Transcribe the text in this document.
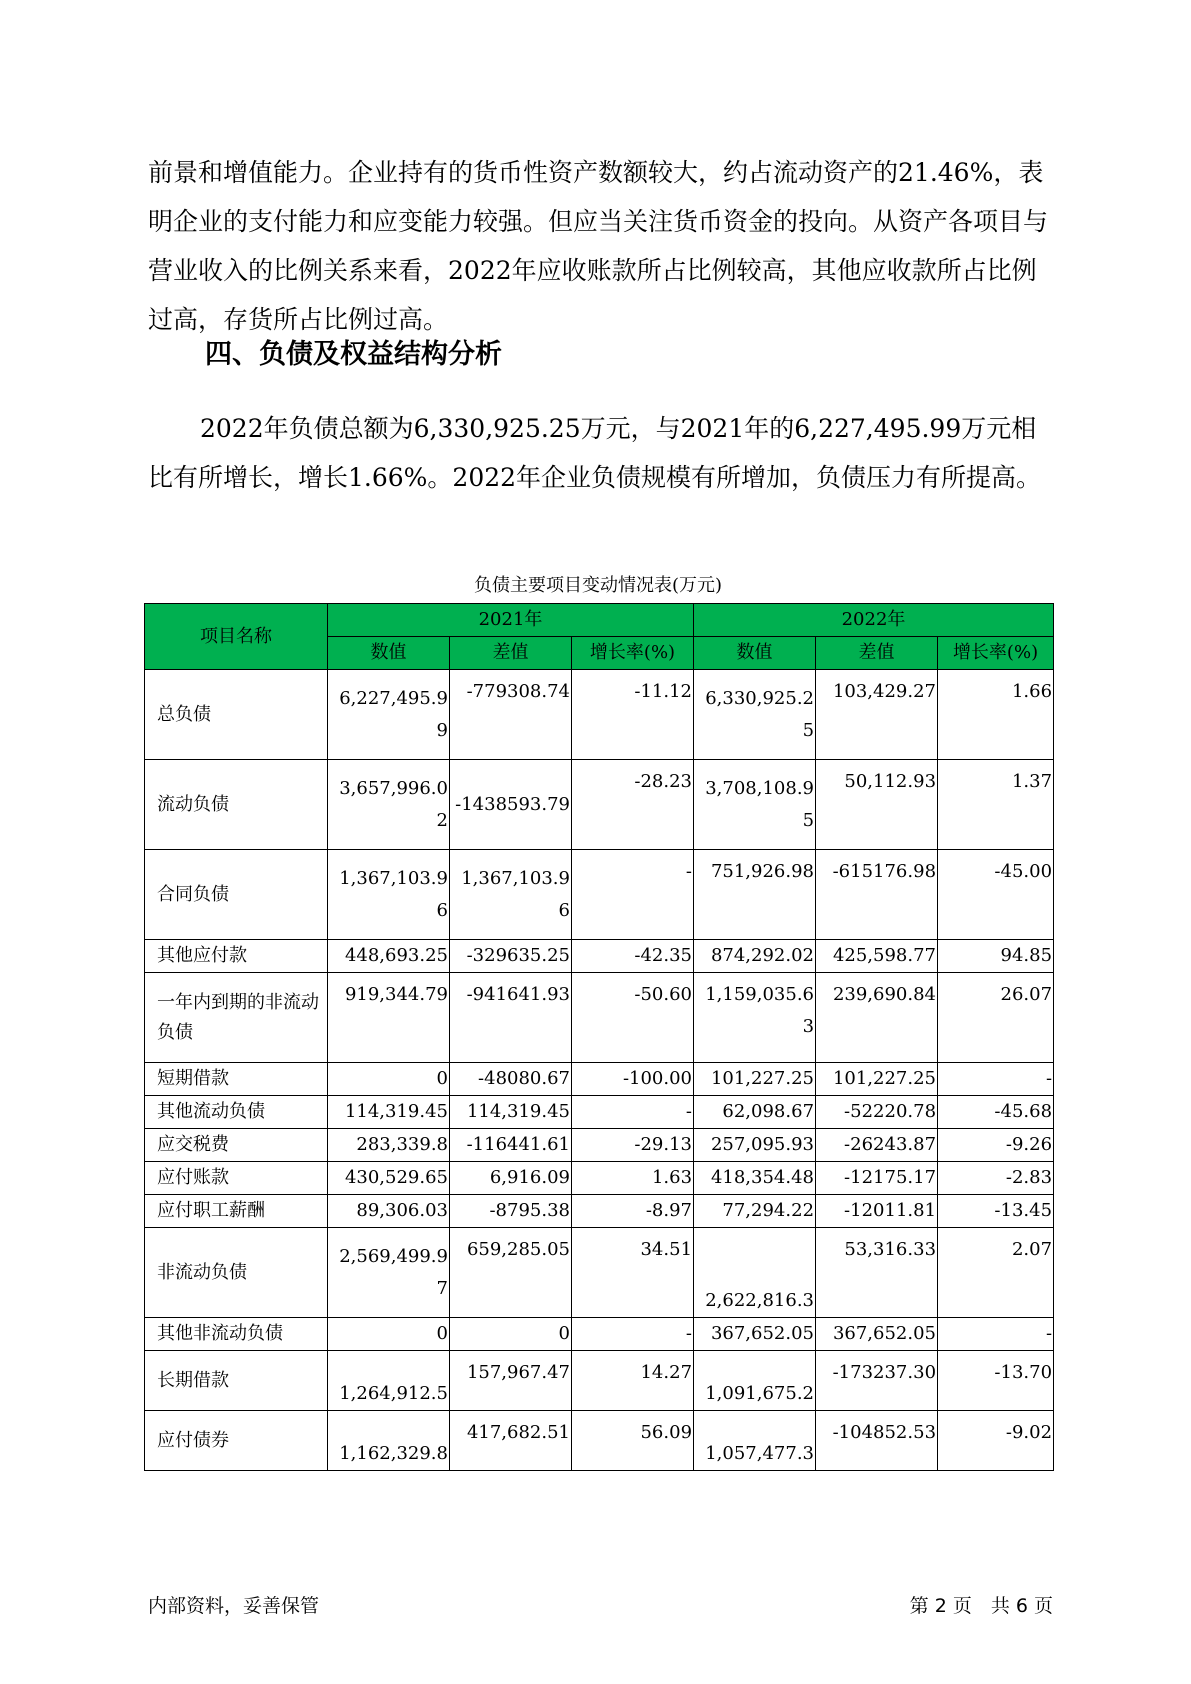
前景和增值能力。企业持有的货币性资产数额较大，约占流动资产的21.46%，表明企业的支付能力和应变能力较强。但应当关注货币资金的投向。从资产各项目与营业收入的比例关系来看，2022年应收账款所占比例较高，其他应收款所占比例过高，存货所占比例过高。

四、负债及权益结构分析

2022年负债总额为6,330,925.25万元，与2021年的6,227,495.99万元相比有所增长，增长1.66%。2022年企业负债规模有所增加，负债压力有所提高。

负债主要项目变动情况表(万元)

项目名称	2021年			2022年		
	数值	差值	增长率(%)	数值	差值	增长率(%)
总负债	6,227,495.99	-779308.74	-11.12	6,330,925.25	103,429.27	1.66
流动负债	3,657,996.02	-1438593.79	-28.23	3,708,108.95	50,112.93	1.37
合同负债	1,367,103.96	1,367,103.96	-	751,926.98	-615176.98	-45.00
其他应付款	448,693.25	-329635.25	-42.35	874,292.02	425,598.77	94.85
一年内到期的非流动负债	919,344.79	-941641.93	-50.60	1,159,035.63	239,690.84	26.07
短期借款	0	-48080.67	-100.00	101,227.25	101,227.25	-
其他流动负债	114,319.45	114,319.45	-	62,098.67	-52220.78	-45.68
应交税费	283,339.8	-116441.61	-29.13	257,095.93	-26243.87	-9.26
应付账款	430,529.65	6,916.09	1.63	418,354.48	-12175.17	-2.83
应付职工薪酬	89,306.03	-8795.38	-8.97	77,294.22	-12011.81	-13.45
非流动负债	2,569,499.97	659,285.05	34.51	2,622,816.3	53,316.33	2.07
其他非流动负债	0	0	-	367,652.05	367,652.05	-
长期借款	1,264,912.5	157,967.47	14.27	1,091,675.2	-173237.30	-13.70
应付债券	1,162,329.8	417,682.51	56.09	1,057,477.3	-104852.53	-9.02
内部资料，妥善保管	第 2 页　共 6 页
